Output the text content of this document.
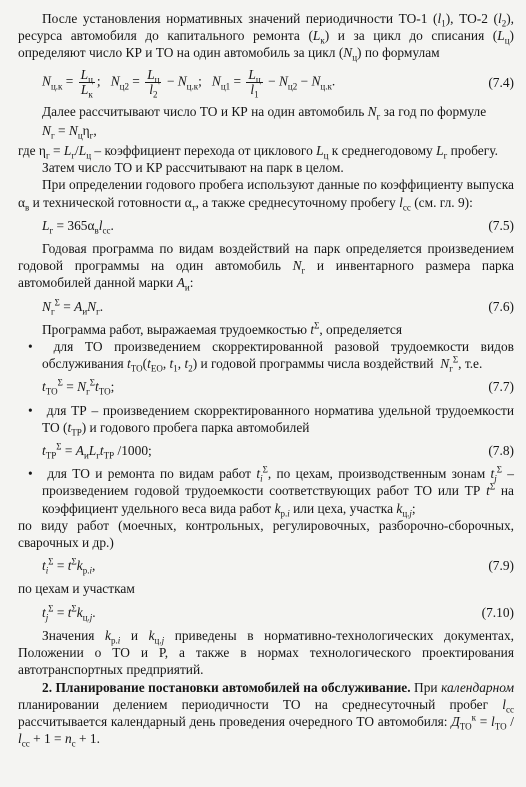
После установления нормативных значений периодичности ТО-1 $(l_1)$, ТО-2 $(l_2)$, ресурса автомобиля до капитального ремонта $(L_к)$ и за цикл до списания $(L_ц)$ определяют число КР и ТО на один автомобиль за цикл $(N_ц)$ по формулам

$N_{ц.к} = \frac{L_ц}{L_к}$ ;   $N_{ц2} = \frac{L_ц}{l_2} - N_{ц.к}$;   $N_{ц1} = \frac{L_ц}{l_1} - N_{ц2} - N_{ц.к}$.	(7.4)

Далее рассчитывают число ТО и КР на один автомобиль $N_г$ за год по формуле

$N_г = N_ц\eta_г$,

где $\eta_г = L_г/L_ц$ – коэффициент перехода от циклового $L_ц$ к среднегодовому $L_г$ пробегу.

Затем число ТО и КР рассчитывают на парк в целом.

При определении годового пробега используют данные по коэффициенту выпуска $\alpha_в$ и технической готовности $\alpha_т$, а также среднесуточному пробегу $l_{сс}$ (см. гл. 9):

$L_г = 365\alpha_вl_{сс}$.	(7.5)

Годовая программа по видам воздействий на парк определяется произведением годовой программы на один автомобиль $N_г$ и инвентарного размера парка автомобилей данной марки $A_и$:

$N_г^\Sigma = A_иN_г$.	(7.6)

Программа работ, выражаемая трудоемкостью $t^\Sigma$, определяется

• для ТО произведением скорректированной разовой трудоемкости видов обслуживания $t_{ТО}(t_{ЕО}$, $t_1$, $t_2$) и годовой программы числа воздействий  $N_г^\Sigma$, т.е.

$t_{ТО}^\Sigma = N_г^\Sigma t_{ТО}$;	(7.7)

• для ТР – произведением скорректированного норматива удельной трудоемкости ТО $(t_{ТР})$ и годового пробега парка автомобилей

$t_{ТР}^\Sigma = A_иL_гt_{ТР}$ /1000;	(7.8)

• для ТО и ремонта по видам работ $t_i^\Sigma$, по цехам, производственным зонам $t_j^\Sigma$ – произведением годовой трудоемкости соответствующих работ ТО или ТР $t^\Sigma$ на коэффициент удельного веса вида работ $k_{р.i}$ или цеха, участка $k_{ц.j}$;

по виду работ (моечных, контрольных, регулировочных, разборочно-сборочных, сварочных и др.)

$t_i^\Sigma = t^\Sigma k_{р.i}$,	(7.9)

по цехам и участкам

$t_j^\Sigma = t^\Sigma k_{ц.j}$.	(7.10)

Значения $k_{р.i}$ и $k_{ц.j}$ приведены в нормативно-технологических документах, Положении о ТО и Р, а также в нормах технологического проектирования автотранспортных предприятий.

2. Планирование постановки автомобилей на обслуживание. При календарном планировании делением периодичности ТО на среднесуточный пробег $l_{сс}$ рассчитывается календарный день проведения очередного ТО автомобиля: $Д_{ТО}^к = l_{ТО} / l_{сс} + 1 = n_с + 1$.
